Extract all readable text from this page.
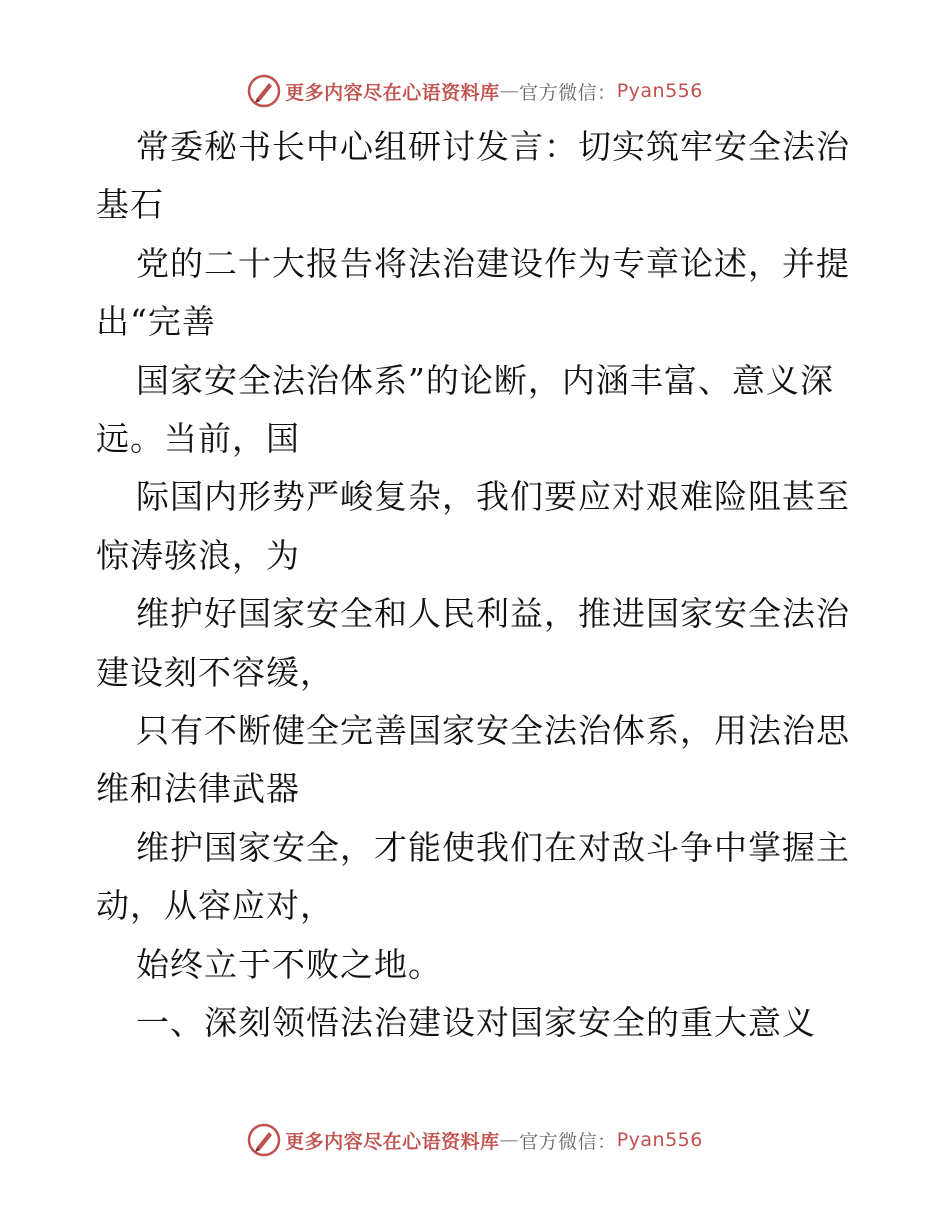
更多内容尽在心语资料库 — 官方微信： Pyan556

常委秘书长中心组研讨发言：切实筑牢安全法治基石

党的二十大报告将法治建设作为专章论述，并提出“完善

国家安全法治体系”的论断，内涵丰富、意义深远。当前，国

际国内形势严峻复杂，我们要应对艰难险阻甚至惊涛骇浪，为

维护好国家安全和人民利益，推进国家安全法治建设刻不容缓，

只有不断健全完善国家安全法治体系，用法治思维和法律武器

维护国家安全，才能使我们在对敌斗争中掌握主动，从容应对，

始终立于不败之地。

一、深刻领悟法治建设对国家安全的重大意义

更多内容尽在心语资料库 — 官方微信： Pyan556
